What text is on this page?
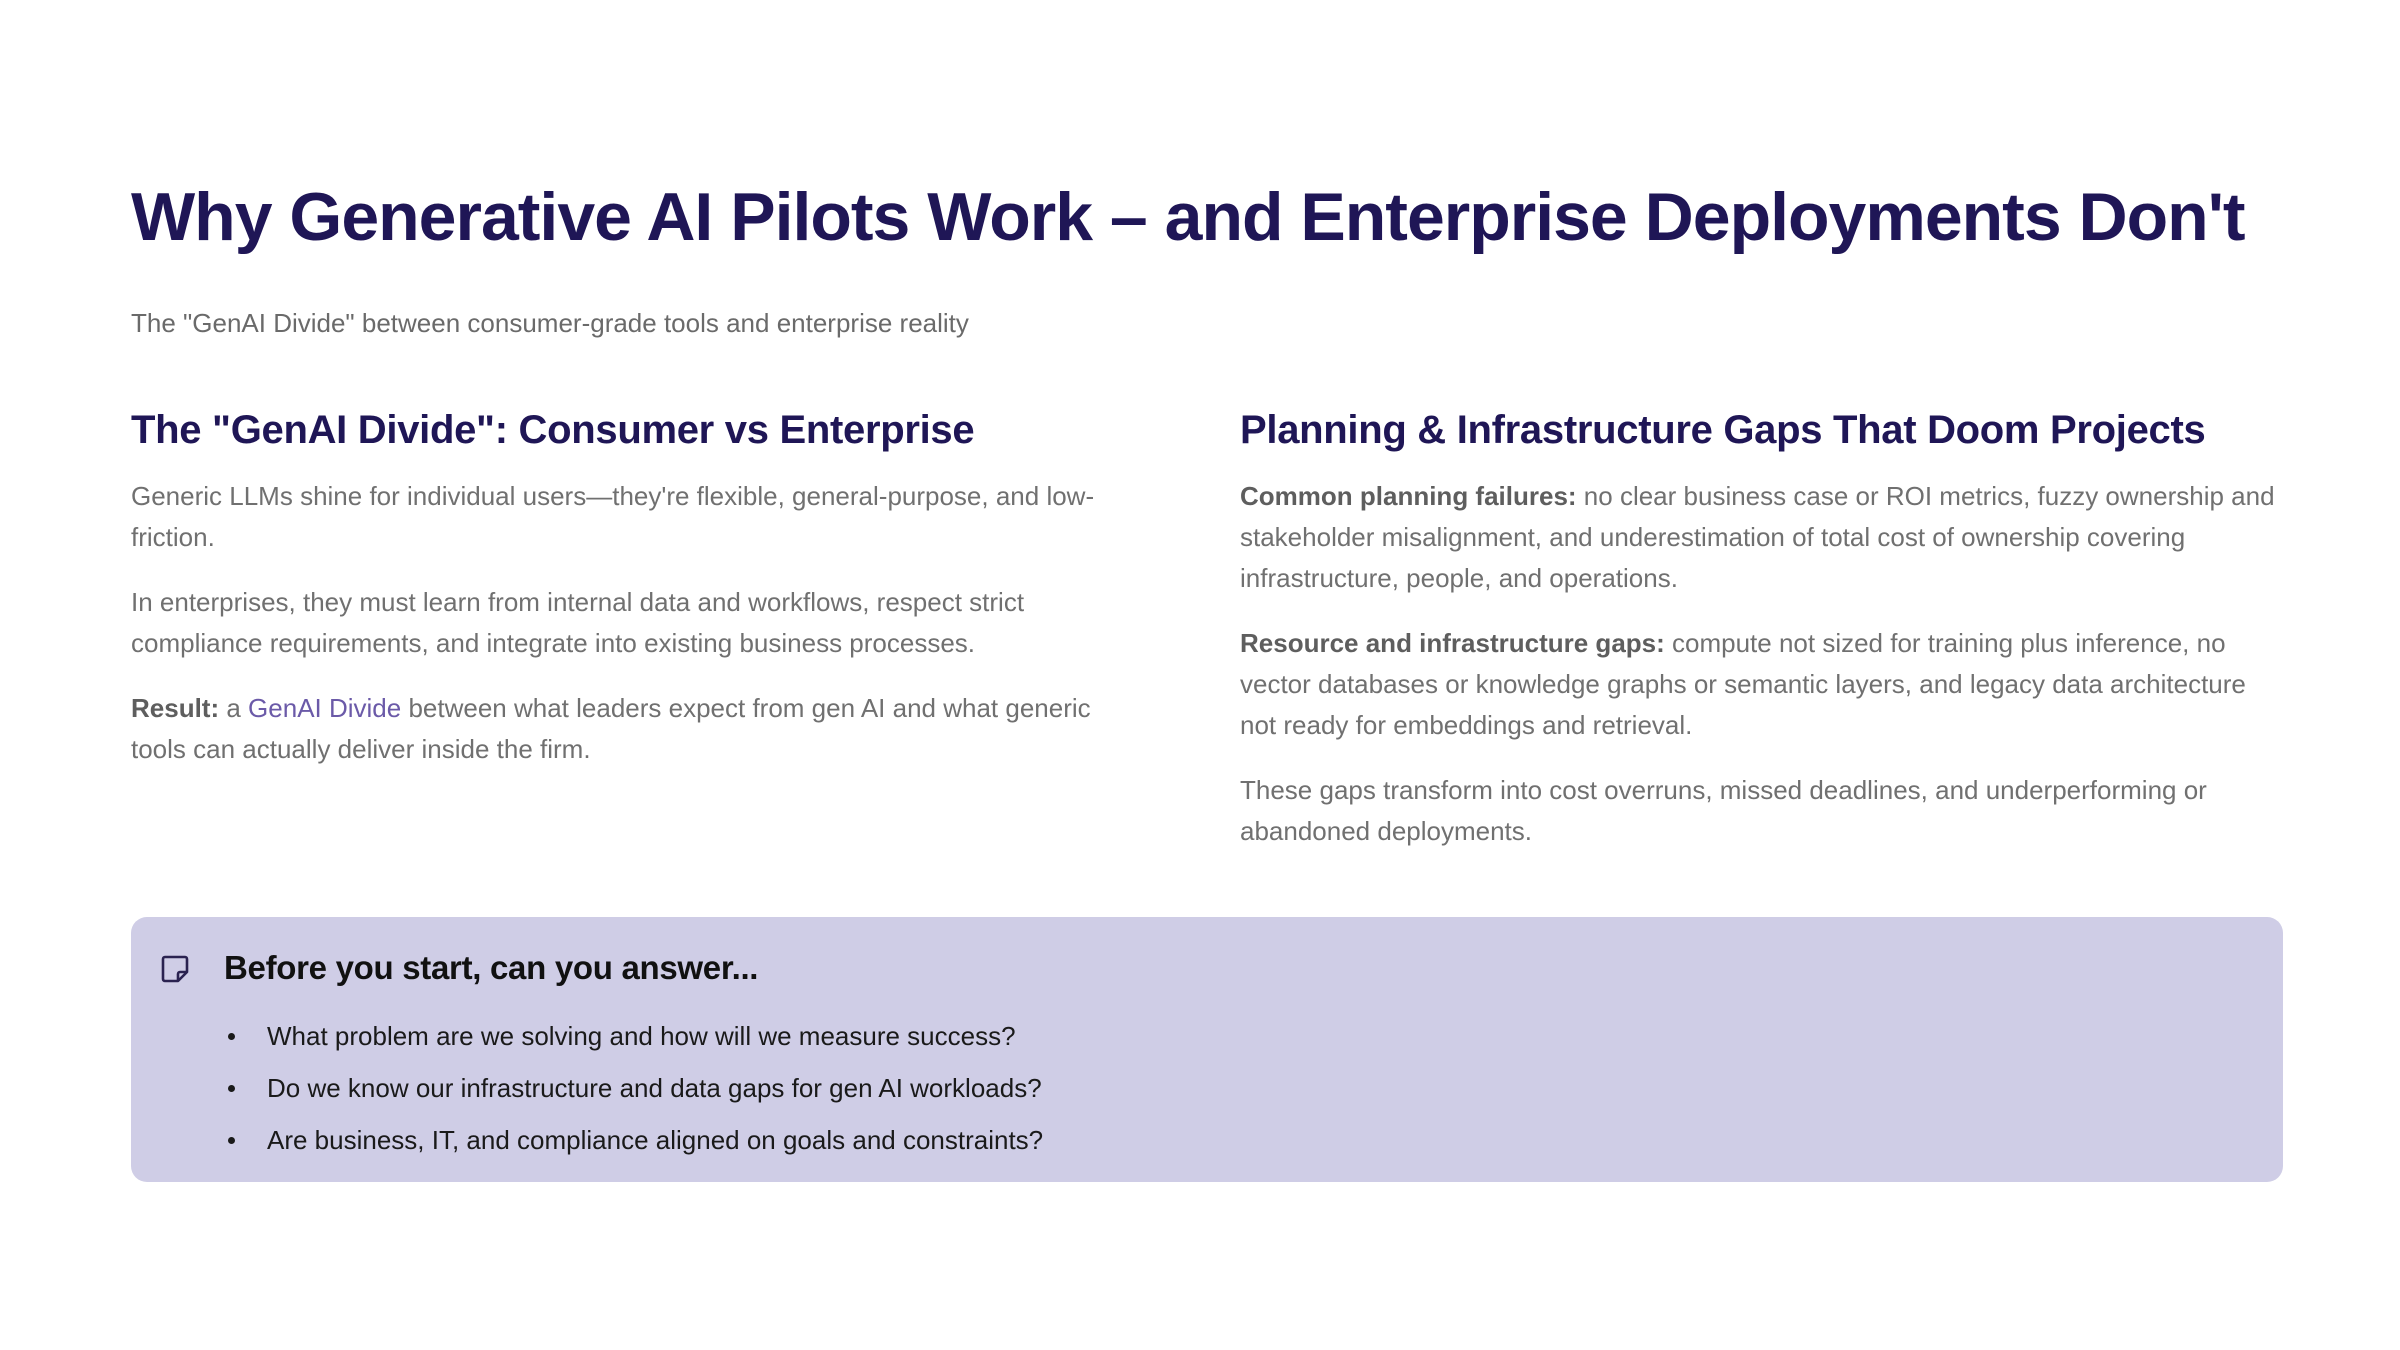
Why Generative AI Pilots Work – and Enterprise Deployments Don't

The "GenAI Divide" between consumer-grade tools and enterprise reality

The "GenAI Divide": Consumer vs Enterprise

Generic LLMs shine for individual users—they're flexible, general-purpose, and low-friction.

In enterprises, they must learn from internal data and workflows, respect strict compliance requirements, and integrate into existing business processes.

Result: a GenAI Divide between what leaders expect from gen AI and what generic tools can actually deliver inside the firm.

Planning & Infrastructure Gaps That Doom Projects

Common planning failures: no clear business case or ROI metrics, fuzzy ownership and stakeholder misalignment, and underestimation of total cost of ownership covering infrastructure, people, and operations.

Resource and infrastructure gaps: compute not sized for training plus inference, no vector databases or knowledge graphs or semantic layers, and legacy data architecture not ready for embeddings and retrieval.

These gaps transform into cost overruns, missed deadlines, and underperforming or abandoned deployments.

Before you start, can you answer...
What problem are we solving and how will we measure success?
Do we know our infrastructure and data gaps for gen AI workloads?
Are business, IT, and compliance aligned on goals and constraints?
